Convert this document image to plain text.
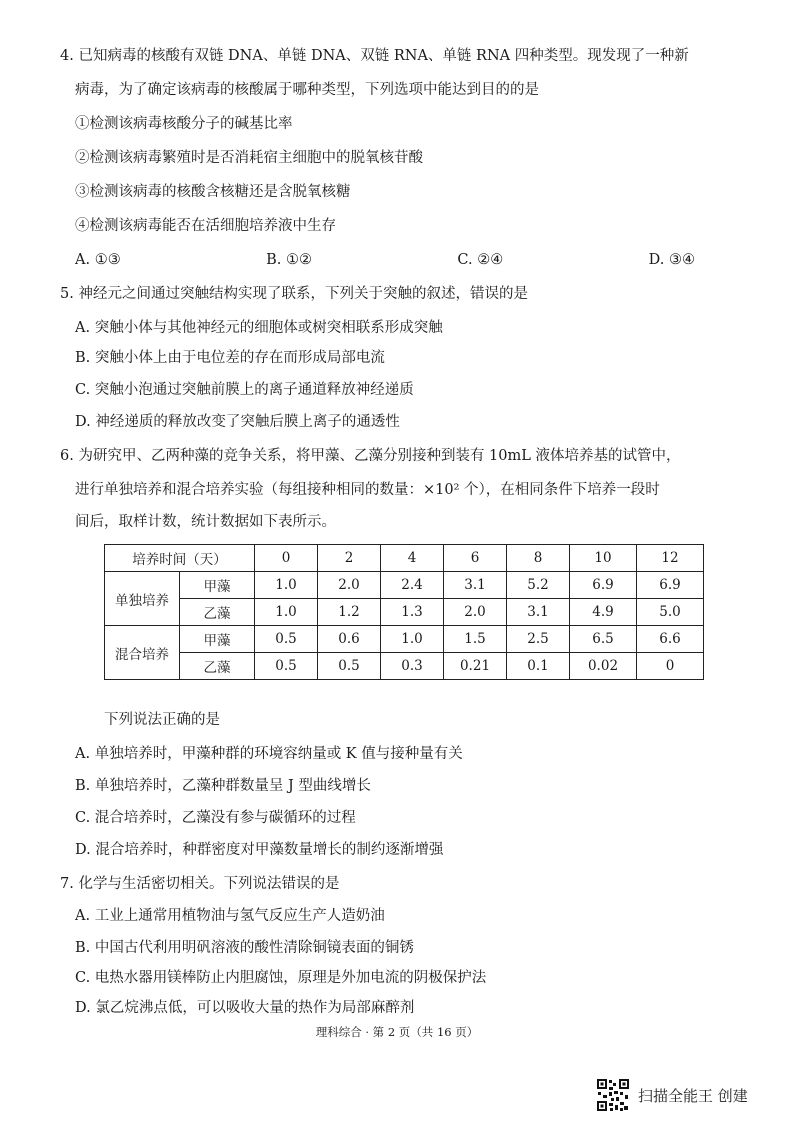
4. 已知病毒的核酸有双链 DNA、单链 DNA、双链 RNA、单链 RNA 四种类型。现发现了一种新
病毒，为了确定该病毒的核酸属于哪种类型，下列选项中能达到目的的是
①检测该病毒核酸分子的碱基比率
②检测该病毒繁殖时是否消耗宿主细胞中的脱氧核苷酸
③检测该病毒的核酸含核糖还是含脱氧核糖
④检测该病毒能否在活细胞培养液中生存
A. ①③	B. ①②	C. ②④	D. ③④
5. 神经元之间通过突触结构实现了联系，下列关于突触的叙述，错误的是
A. 突触小体与其他神经元的细胞体或树突相联系形成突触
B. 突触小体上由于电位差的存在而形成局部电流
C. 突触小泡通过突触前膜上的离子通道释放神经递质
D. 神经递质的释放改变了突触后膜上离子的通透性
6. 为研究甲、乙两种藻的竞争关系，将甲藻、乙藻分别接种到装有 10mL 液体培养基的试管中，
进行单独培养和混合培养实验（每组接种相同的数量：×10² 个），在相同条件下培养一段时
间后，取样计数，统计数据如下表所示。
培养时间（天）		0	2	4	6	8	10	12
单独培养	甲藻	1.0	2.0	2.4	3.1	5.2	6.9	6.9
	乙藻	1.0	1.2	1.3	2.0	3.1	4.9	5.0
混合培养	甲藻	0.5	0.6	1.0	1.5	2.5	6.5	6.6
	乙藻	0.5	0.5	0.3	0.21	0.1	0.02	0
下列说法正确的是
A. 单独培养时，甲藻种群的环境容纳量或 K 值与接种量有关
B. 单独培养时，乙藻种群数量呈 J 型曲线增长
C. 混合培养时，乙藻没有参与碳循环的过程
D. 混合培养时，种群密度对甲藻数量增长的制约逐渐增强
7. 化学与生活密切相关。下列说法错误的是
A. 工业上通常用植物油与氢气反应生产人造奶油
B. 中国古代利用明矾溶液的酸性清除铜镜表面的铜锈
C. 电热水器用镁棒防止内胆腐蚀，原理是外加电流的阴极保护法
D. 氯乙烷沸点低，可以吸收大量的热作为局部麻醉剂
理科综合 · 第 2 页（共 16 页）
扫描全能王 创建
